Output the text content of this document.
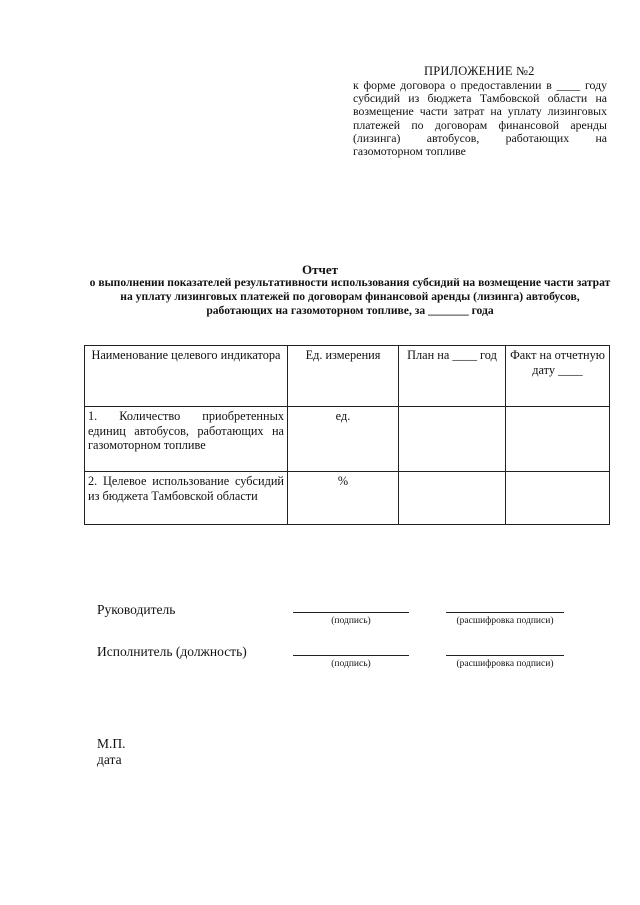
ПРИЛОЖЕНИЕ №2
к форме договора о предоставлении в ____ году субсидий из бюджета Тамбовской области на возмещение части затрат на уплату лизинговых платежей по договорам финансовой аренды (лизинга) автобусов, работающих на газомоторном топливе
Отчет
о выполнении показателей результативности использования субсидий на возмещение части затрат на уплату лизинговых платежей по договорам финансовой аренды (лизинга) автобусов, работающих на газомоторном топливе, за _______ года
Наименование целевого индикатора	Ед. измерения	План на ____ год	Факт на отчетную дату ____
1. Количество приобретенных единиц автобусов, работающих на газомоторном топливе	ед.		
2. Целевое использование субсидий из бюджета Тамбовской области	%		
Руководитель
(подпись)	(расшифровка подписи)
Исполнитель (должность)
(подпись)	(расшифровка подписи)
М.П.
дата
